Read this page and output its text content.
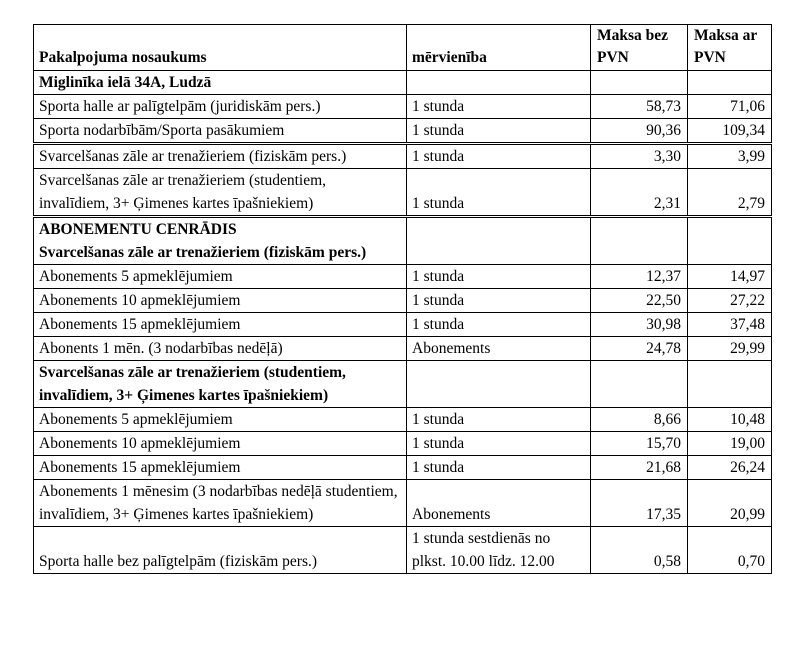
Pakalpojuma nosaukums	mērvienība	Maksa bez PVN	Maksa ar PVN
Miglinīka ielā 34A, Ludzā			
Sporta halle ar palīgtelpām (juridiskām pers.)	1 stunda	58,73	71,06
Sporta nodarbībām/Sporta pasākumiem	1 stunda	90,36	109,34
Svarcelšanas zāle ar trenažieriem (fiziskām pers.)	1 stunda	3,30	3,99
Svarcelšanas zāle ar trenažieriem (studentiem, invalīdiem, 3+ Ģimenes kartes īpašniekiem)	1 stunda	2,31	2,79
ABONEMENTU CENRĀDIS
Svarcelšanas zāle ar trenažieriem (fiziskām pers.)			
Abonements 5 apmeklējumiem	1 stunda	12,37	14,97
Abonements 10 apmeklējumiem	1 stunda	22,50	27,22
Abonements 15 apmeklējumiem	1 stunda	30,98	37,48
Abonents 1 mēn. (3 nodarbības nedēļā)	Abonements	24,78	29,99
Svarcelšanas zāle ar trenažieriem (studentiem, invalīdiem, 3+ Ģimenes kartes īpašniekiem)			
Abonements 5 apmeklējumiem	1 stunda	8,66	10,48
Abonements 10 apmeklējumiem	1 stunda	15,70	19,00
Abonements 15 apmeklējumiem	1 stunda	21,68	26,24
Abonements 1 mēnesim (3 nodarbības nedēļā studentiem, invalīdiem, 3+ Ģimenes kartes īpašniekiem)	Abonements	17,35	20,99
Sporta halle bez palīgtelpām (fiziskām pers.)	1 stunda sestdienās no plkst. 10.00 līdz. 12.00	0,58	0,70
